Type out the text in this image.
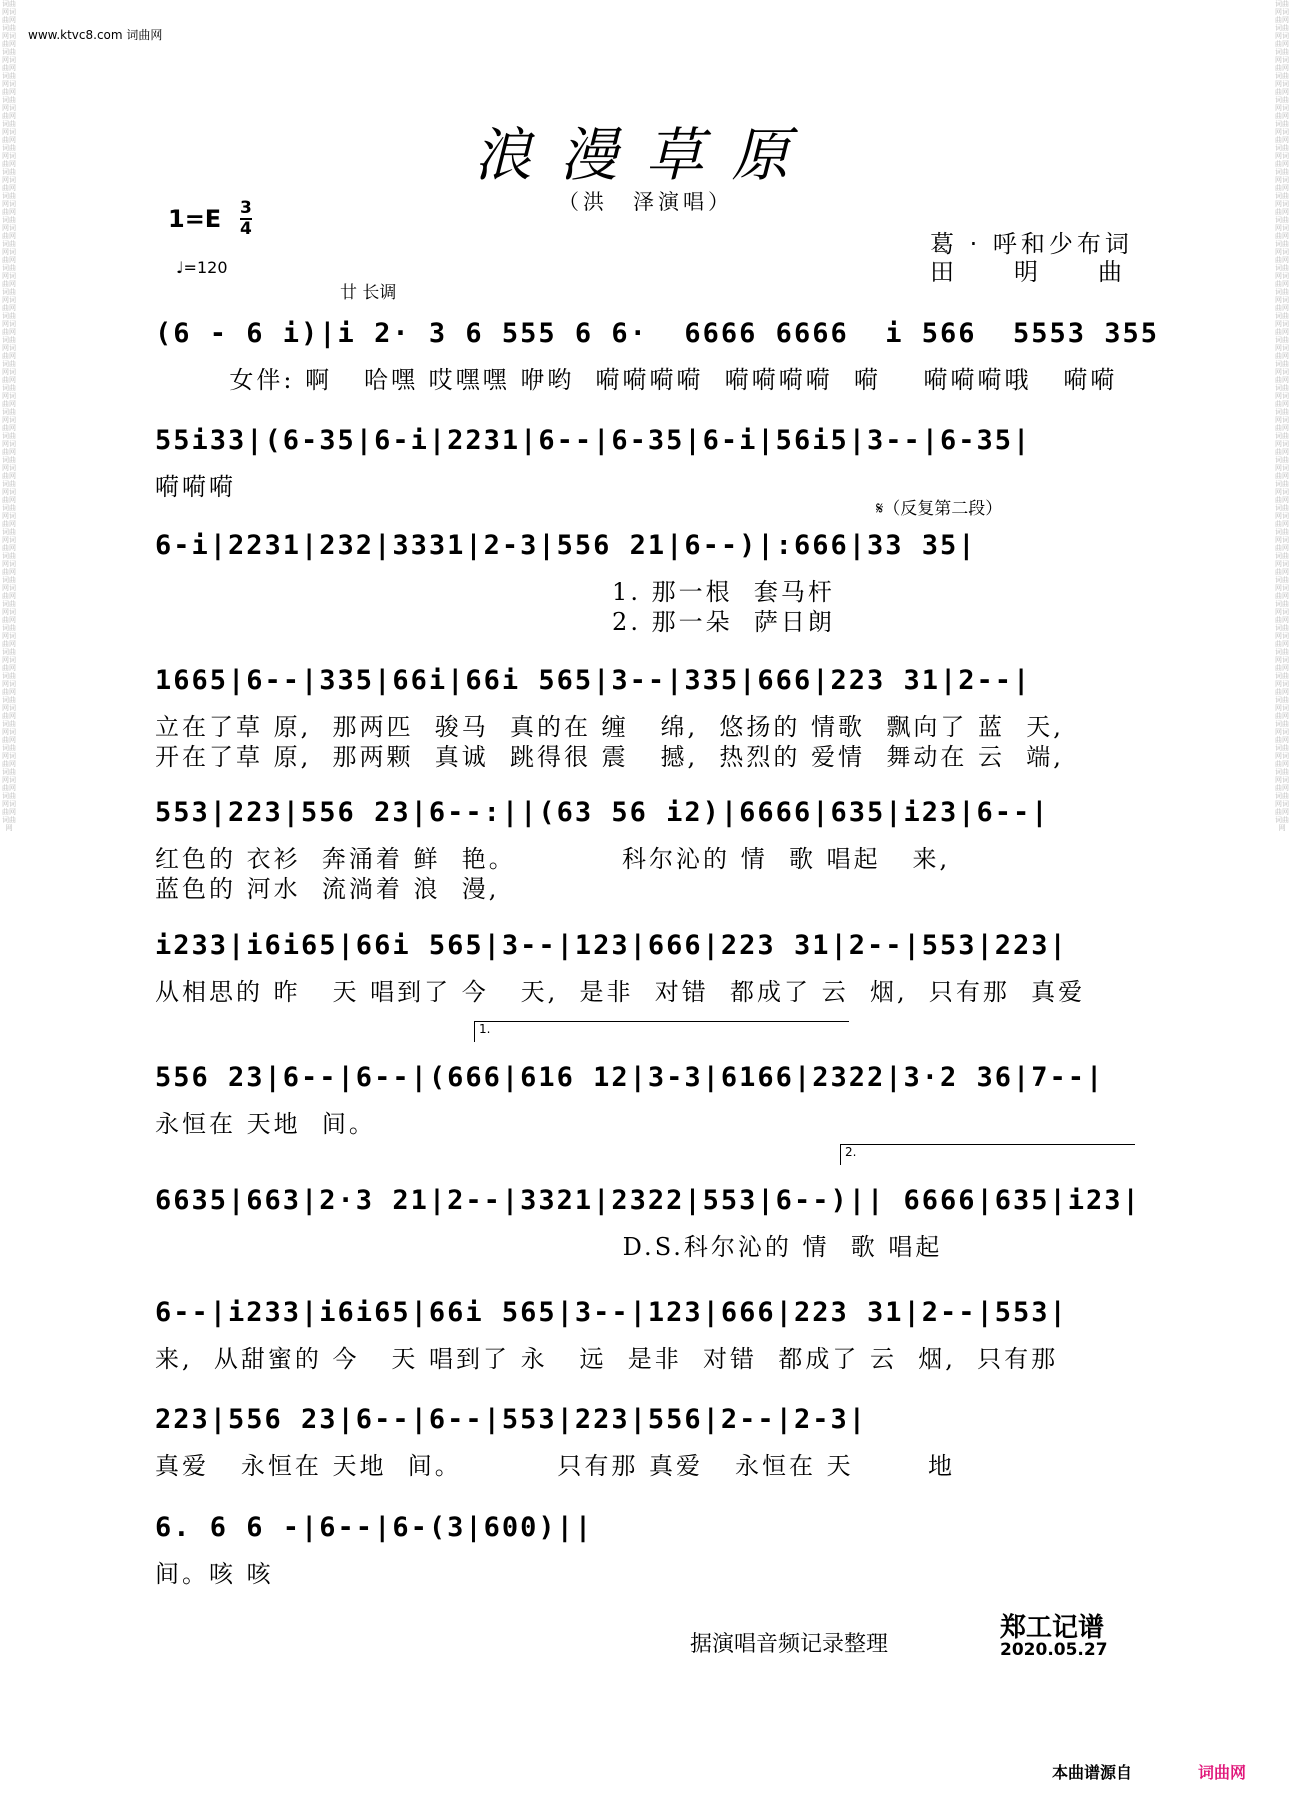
词曲网词曲网词曲网词曲网词曲网词曲网词曲网词曲网词曲网词曲网词曲网词曲网词曲网词曲网词曲网词曲网词曲网词曲网词曲网词曲网词曲网词曲网词曲网词曲网词曲网词曲网词曲网词曲网词曲网词曲网词曲网词曲网词曲网词曲网词曲网词曲网词曲网词曲网词曲网词曲网词曲网词曲网词曲网词曲网词曲网词曲网词曲网词曲网词曲网词曲网词曲网词曲网词曲网词曲网词曲网词曲网词曲网词曲网词曲网词曲网词曲网词曲网词曲网词曲网词曲网词曲网词曲网词曲网词曲网
词曲网词曲网词曲网词曲网词曲网词曲网词曲网词曲网词曲网词曲网词曲网词曲网词曲网词曲网词曲网词曲网词曲网词曲网词曲网词曲网词曲网词曲网词曲网词曲网词曲网词曲网词曲网词曲网词曲网词曲网词曲网词曲网词曲网词曲网词曲网词曲网词曲网词曲网词曲网词曲网词曲网词曲网词曲网词曲网词曲网词曲网词曲网词曲网词曲网词曲网词曲网词曲网词曲网词曲网词曲网词曲网词曲网词曲网词曲网词曲网词曲网词曲网词曲网词曲网词曲网词曲网词曲网词曲网词曲网
www.ktvc8.com 词曲网
浪漫草原
（洪　泽演唱）
1=E 3
4
♩=120
葛 · 呼和少布词
田　　明　　曲
廿 长调
𝄋（反复第二段）
1.
2.
(6 - 6 i)|i 2· 3 6 555 6 6·  6666 6666  i 566  5553 355
女伴: 啊   哈嘿 哎嘿嘿 咿哟  嗬嗬嗬嗬  嗬嗬嗬嗬  嗬    嗬嗬嗬哦   嗬嗬
55i33|(6-35|6-i|2231|6--|6-35|6-i|56i5|3--|6-35|
嗬嗬嗬
6-i|2231|232|3331|2-3|556 21|6--)|:666|33 35|
1. 那一根  套马杆
2. 那一朵  萨日朗
1665|6--|335|66i|66i 565|3--|335|666|223 31|2--|
立在了草 原,  那两匹  骏马  真的在 缠   绵,  悠扬的 情歌  飘向了 蓝  天,
开在了草 原,  那两颗  真诚  跳得很 震   撼,  热烈的 爱情  舞动在 云  端,
553|223|556 23|6--:||(63 56 i2)|6666|635|i23|6--|
红色的 衣衫  奔涌着 鲜  艳。          科尔沁的 情  歌 唱起   来,
蓝色的 河水  流淌着 浪  漫,
i233|i6i65|66i 565|3--|123|666|223 31|2--|553|223|
从相思的 昨   天 唱到了 今   天,  是非  对错  都成了 云  烟,  只有那  真爱
556 23|6--|6--|(666|616 12|3-3|6166|2322|3·2 36|7--|
永恒在 天地  间。
6635|663|2·3 21|2--|3321|2322|553|6--)|| 6666|635|i23|
D.S.科尔沁的 情  歌 唱起
6--|i233|i6i65|66i 565|3--|123|666|223 31|2--|553|
来,  从甜蜜的 今   天 唱到了 永   远  是非  对错  都成了 云  烟,  只有那
223|556 23|6--|6--|553|223|556|2--|2-3|
真爱   永恒在 天地  间。         只有那 真爱   永恒在 天       地
6. 6 6 -|6--|6-(3|600)||
间。咳 咳
据演唱音频记录整理
郑工记谱
2020.05.27
本曲谱源自	词曲网
